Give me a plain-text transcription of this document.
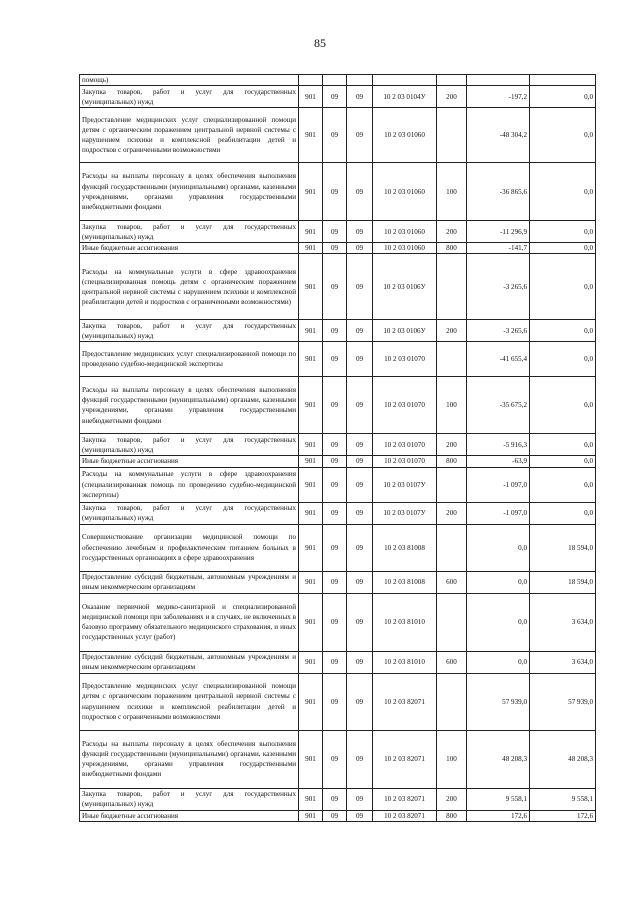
85
помощь)							
Закупка товаров, работ и услуг для государственных (муниципальных) нужд	901	09	09	10 2 03 0104У	200	-197,2	0,0
Предоставление медицинских услуг специализированной помощи детям с органическим поражением центральной нервной системы с нарушением психики и комплексной реабилитации детей и подростков с ограниченными возможностями	901	09	09	10 2 03 01060		-48 304,2	0,0
Расходы на выплаты персоналу в целях обеспечения выполнения функций государственными (муниципальными) органами, казенными учреждениями, органами управления государственными внебюджетными фондами	901	09	09	10 2 03 01060	100	-36 865,6	0,0
Закупка товаров, работ и услуг для государственных (муниципальных) нужд	901	09	09	10 2 03 01060	200	-11 296,9	0,0
Иные бюджетные ассигнования	901	09	09	10 2 03 01060	800	-141,7	0,0
Расходы на коммунальные услуги в сфере здравоохранения (специализированная помощь детям с органическим поражением центральной нервной системы с нарушением психики и комплексной реабилитации детей и подростков с ограниченными возможностями)	901	09	09	10 2 03 0106У		-3 265,6	0,0
Закупка товаров, работ и услуг для государственных (муниципальных) нужд	901	09	09	10 2 03 0106У	200	-3 265,6	0,0
Предоставление медицинских услуг специализированной помощи по проведению судебно-медицинской экспертизы	901	09	09	10 2 03 01070		-41 655,4	0,0
Расходы на выплаты персоналу в целях обеспечения выполнения функций государственными (муниципальными) органами, казенными учреждениями, органами управления государственными внебюджетными фондами	901	09	09	10 2 03 01070	100	-35 675,2	0,0
Закупка товаров, работ и услуг для государственных (муниципальных) нужд	901	09	09	10 2 03 01070	200	-5 916,3	0,0
Иные бюджетные ассигнования	901	09	09	10 2 03 01070	800	-63,9	0,0
Расходы на коммунальные услуги в сфере здравоохранения (специализированная помощь по проведению судебно-медицинской экспертизы)	901	09	09	10 2 03 0107У		-1 097,0	0,0
Закупка товаров, работ и услуг для государственных (муниципальных) нужд	901	09	09	10 2 03 0107У	200	-1 097,0	0,0
Совершенствование организации медицинской помощи по обеспечению лечебным и профилактическим питанием больных в государственных организациях в сфере здравоохранения	901	09	09	10 2 03 81008		0,0	18 594,0
Предоставление субсидий бюджетным, автономным учреждениям и иным некоммерческим организациям	901	09	09	10 2 03 81008	600	0,0	18 594,0
Оказание первичной медико-санитарной и специализированной медицинской помощи при заболеваниях и в случаях, не включенных в базовую программу обязательного медицинского страхования, и иных государственных услуг (работ)	901	09	09	10 2 03 81010		0,0	3 634,0
Предоставление субсидий бюджетным, автономным учреждениям и иным некоммерческим организациям	901	09	09	10 2 03 81010	600	0,0	3 634,0
Предоставление медицинских услуг специализированной помощи детям с органическим поражением центральной нервной системы с нарушением психики и комплексной реабилитации детей и подростков с ограниченными возможностями	901	09	09	10 2 03 82071		57 939,0	57 939,0
Расходы на выплаты персоналу в целях обеспечения выполнения функций государственными (муниципальными) органами, казенными учреждениями, органами управления государственными внебюджетными фондами	901	09	09	10 2 03 82071	100	48 208,3	48 208,3
Закупка товаров, работ и услуг для государственных (муниципальных) нужд	901	09	09	10 2 03 82071	200	9 558,1	9 558,1
Иные бюджетные ассигнования	901	09	09	10 2 03 82071	800	172,6	172,6
